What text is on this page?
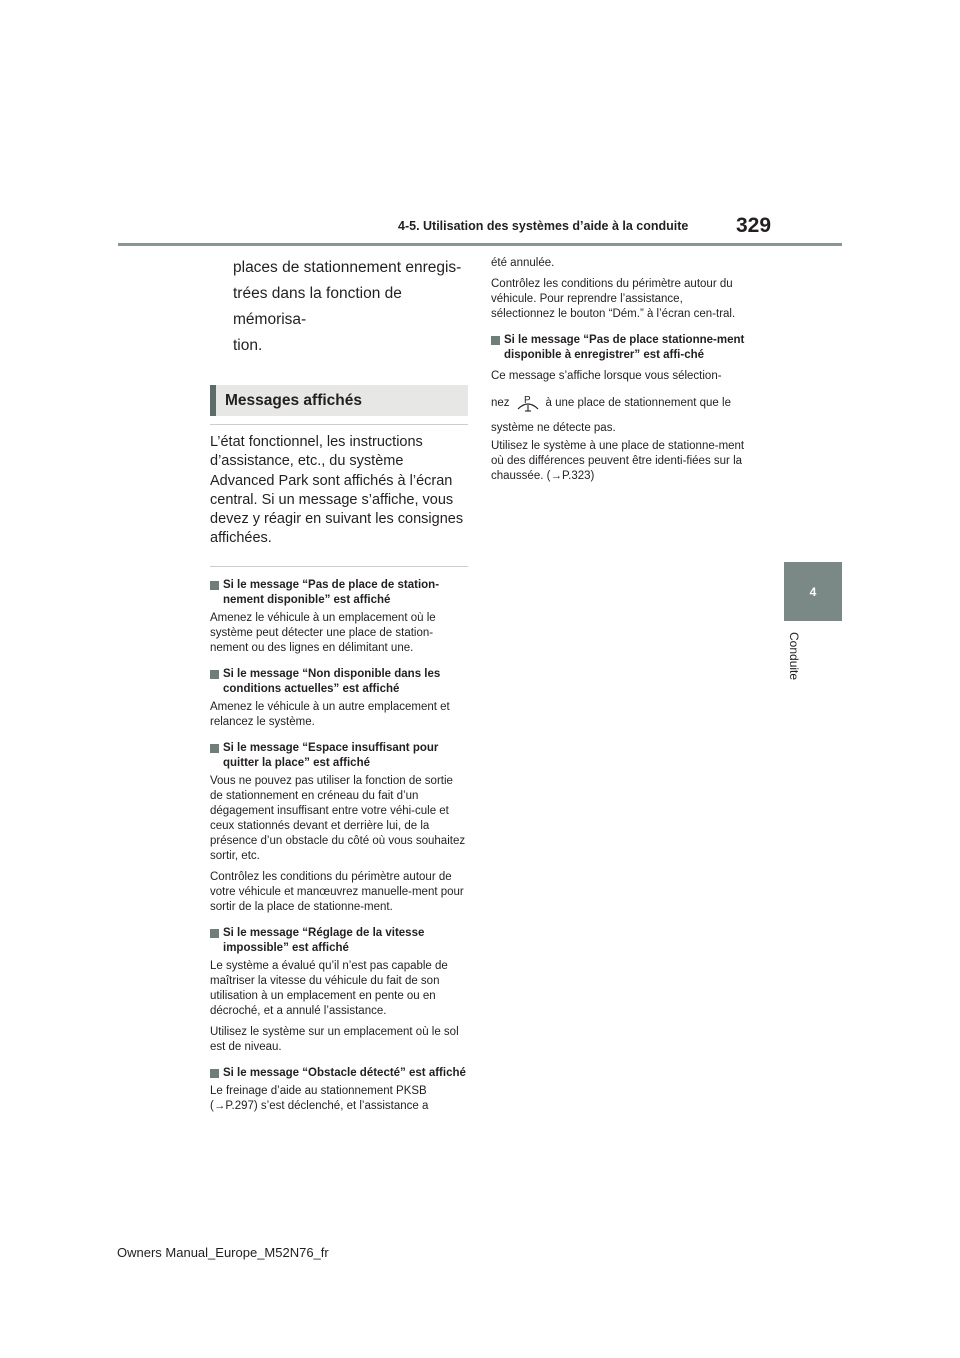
4-5. Utilisation des systèmes d’aide à la conduite 329
4
Conduite

places de stationnement enregis-

trées dans la fonction de mémorisa-

tion.

Messages affichés

L’état fonctionnel, les instructions d’assistance, etc., du système Advanced Park sont affichés à l’écran central. Si un message s’affiche, vous devez y réagir en suivant les consignes affichées.

Si le message “Pas de place de station-nement disponible” est affiché

Amenez le véhicule à un emplacement où le système peut détecter une place de station-nement ou des lignes en délimitant une.

Si le message “Non disponible dans les conditions actuelles” est affiché

Amenez le véhicule à un autre emplacement et relancez le système.

Si le message “Espace insuffisant pour quitter la place” est affiché

Vous ne pouvez pas utiliser la fonction de sortie de stationnement en créneau du fait d’un dégagement insuffisant entre votre véhi-cule et ceux stationnés devant et derrière lui, de la présence d’un obstacle du côté où vous souhaitez sortir, etc.

Contrôlez les conditions du périmètre autour de votre véhicule et manœuvrez manuelle-ment pour sortir de la place de stationne-ment.

Si le message “Réglage de la vitesse impossible” est affiché

Le système a évalué qu’il n’est pas capable de maîtriser la vitesse du véhicule du fait de son utilisation à un emplacement en pente ou en décroché, et a annulé l’assistance.

Utilisez le système sur un emplacement où le sol est de niveau.

Si le message “Obstacle détecté” est affiché

Le freinage d’aide au stationnement PKSB (→P.297) s’est déclenché, et l’assistance a

été annulée.

Contrôlez les conditions du périmètre autour du véhicule. Pour reprendre l’assistance, sélectionnez le bouton “Dém.” à l’écran cen-tral.

Si le message “Pas de place stationne-ment disponible à enregistrer” est affi-ché

Ce message s’affiche lorsque vous sélection-

nez P à une place de stationnement que le

système ne détecte pas.

Utilisez le système à une place de stationne-ment où des différences peuvent être identi-fiées sur la chaussée. (→P.323)

Owners Manual_Europe_M52N76_fr
